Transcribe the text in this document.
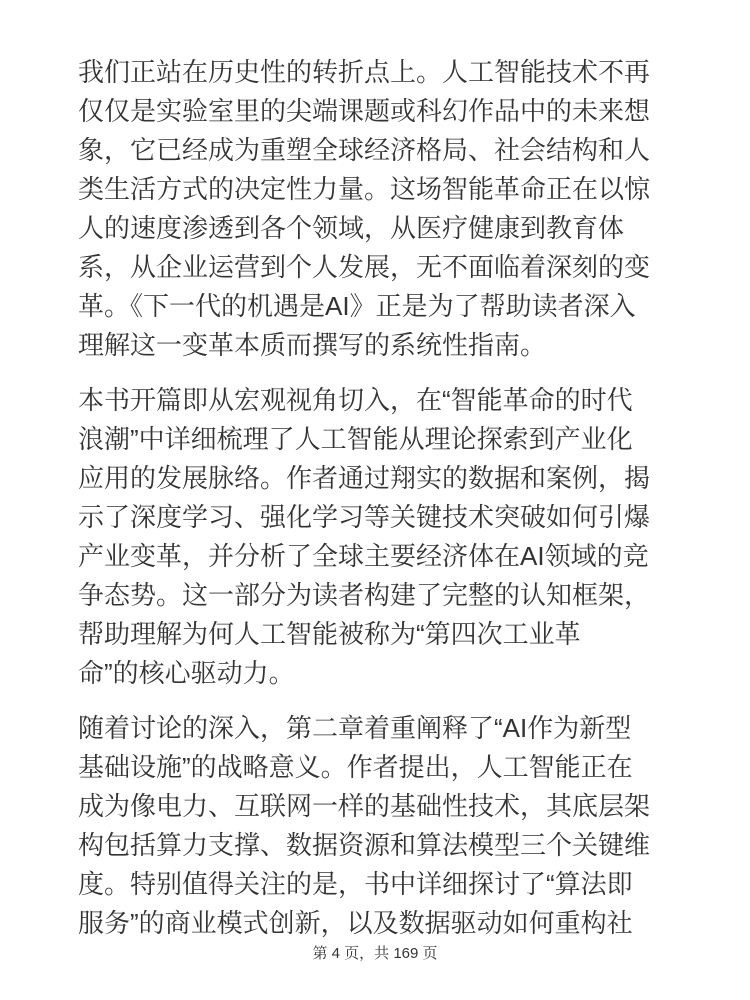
我们正站在历史性的转折点上。人工智能技术不再
仅仅是实验室里的尖端课题或科幻作品中的未来想
象，它已经成为重塑全球经济格局、社会结构和人
类生活方式的决定性力量。这场智能革命正在以惊
人的速度渗透到各个领域，从医疗健康到教育体
系，从企业运营到个人发展，无不面临着深刻的变
革。《下一代的机遇是AI》正是为了帮助读者深入
理解这一变革本质而撰写的系统性指南。
本书开篇即从宏观视角切入，在“智能革命的时代
浪潮”中详细梳理了人工智能从理论探索到产业化
应用的发展脉络。作者通过翔实的数据和案例，揭
示了深度学习、强化学习等关键技术突破如何引爆
产业变革，并分析了全球主要经济体在AI领域的竞
争态势。这一部分为读者构建了完整的认知框架，
帮助理解为何人工智能被称为“第四次工业革
命”的核心驱动力。
随着讨论的深入，第二章着重阐释了“AI作为新型
基础设施”的战略意义。作者提出，人工智能正在
成为像电力、互联网一样的基础性技术，其底层架
构包括算力支撑、数据资源和算法模型三个关键维
度。特别值得关注的是，书中详细探讨了“算法即
服务”的商业模式创新，以及数据驱动如何重构社
第 4 页，共 169 页
